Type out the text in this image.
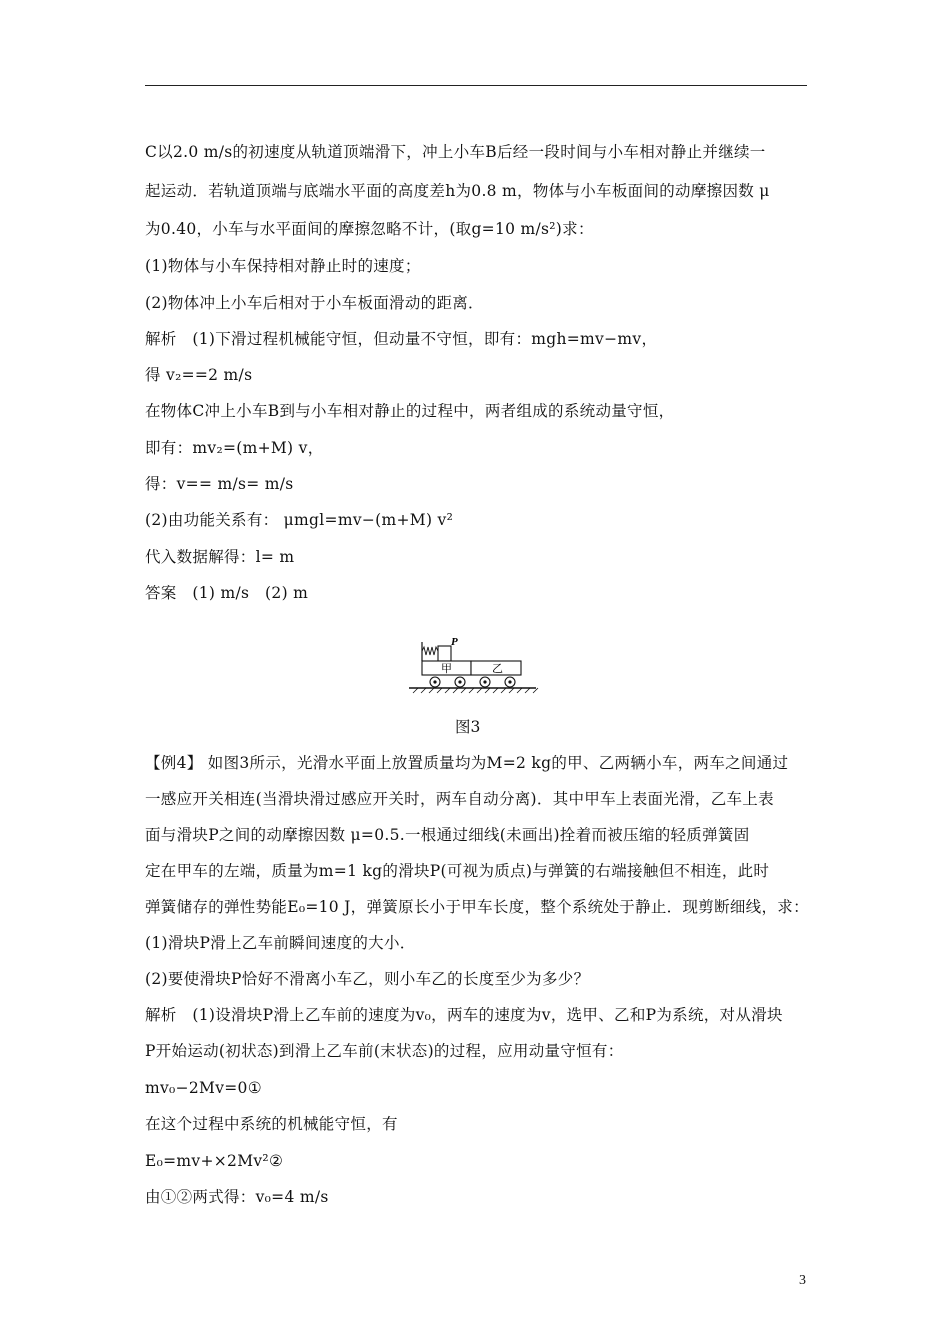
C以2.0 m/s的初速度从轨道顶端滑下，冲上小车B后经一段时间与小车相对静止并继续一
起运动．若轨道顶端与底端水平面的高度差h为0.8 m，物体与小车板面间的动摩擦因数 μ
为0.40，小车与水平面间的摩擦忽略不计，(取g=10 m/s²)求：
(1)物体与小车保持相对静止时的速度；
(2)物体冲上小车后相对于小车板面滑动的距离．
解析　(1)下滑过程机械能守恒，但动量不守恒，即有：mgh=mv−mv，
得 v₂==2 m/s
在物体C冲上小车B到与小车相对静止的过程中，两者组成的系统动量守恒，
即有：mv₂=(m+M) v，
得：v== m/s= m/s
(2)由功能关系有： μmgl=mv−(m+M) v²
代入数据解得：l= m
答案　(1) m/s　(2) m
P
甲	乙
图3
【例4】 如图3所示，光滑水平面上放置质量均为M=2 kg的甲、乙两辆小车，两车之间通过
一感应开关相连(当滑块滑过感应开关时，两车自动分离)．其中甲车上表面光滑，乙车上表
面与滑块P之间的动摩擦因数 μ=0.5.一根通过细线(未画出)拴着而被压缩的轻质弹簧固
定在甲车的左端，质量为m=1 kg的滑块P(可视为质点)与弹簧的右端接触但不相连，此时
弹簧储存的弹性势能E₀=10 J，弹簧原长小于甲车长度，整个系统处于静止．现剪断细线，求：
(1)滑块P滑上乙车前瞬间速度的大小．
(2)要使滑块P恰好不滑离小车乙，则小车乙的长度至少为多少？
解析　(1)设滑块P滑上乙车前的速度为v₀，两车的速度为v，选甲、乙和P为系统，对从滑块
P开始运动(初状态)到滑上乙车前(末状态)的过程，应用动量守恒有：
mv₀−2Mv=0①
在这个过程中系统的机械能守恒，有
E₀=mv+×2Mv²②
由①②两式得：v₀=4 m/s
3
